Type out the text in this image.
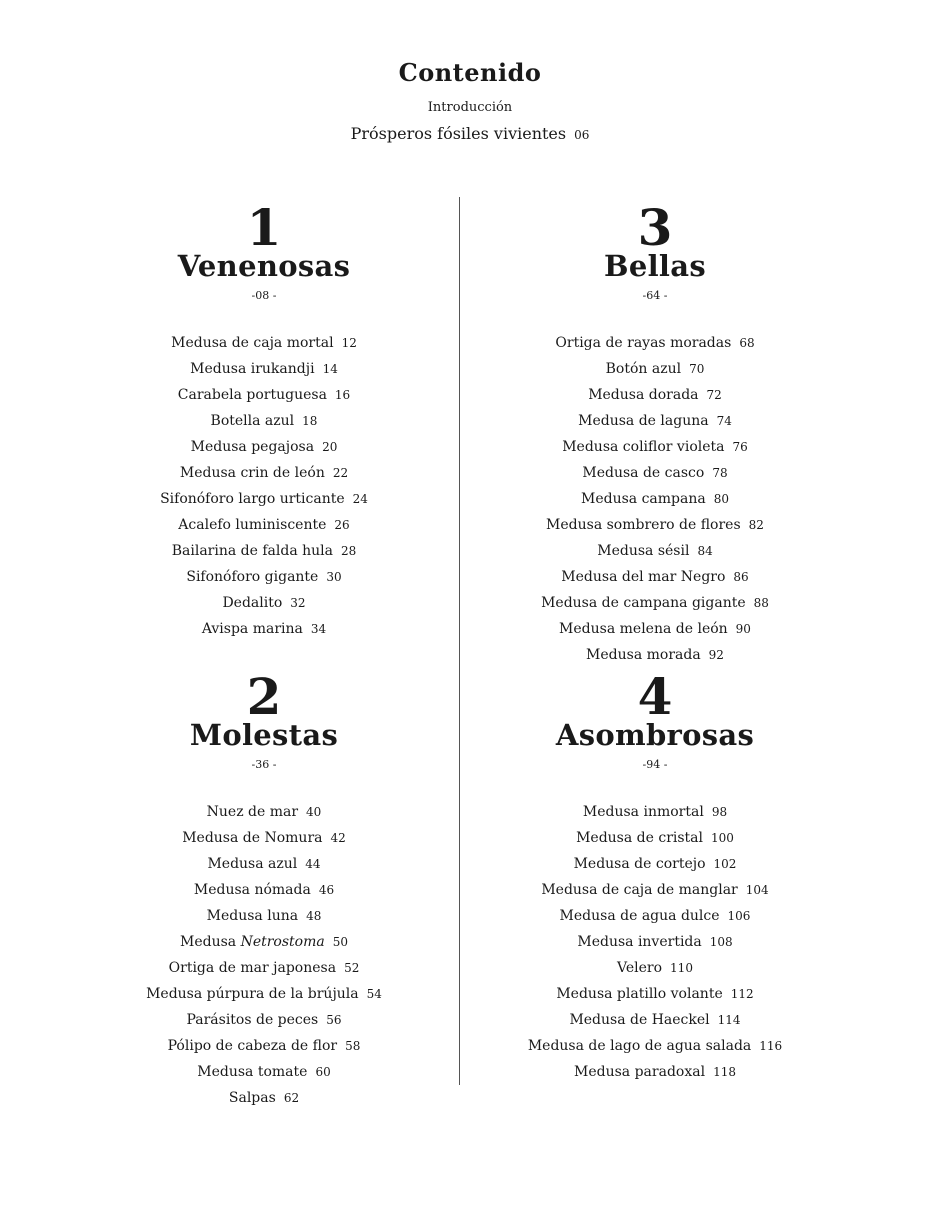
Contenido
Introducción
Prósperos fósiles vivientes 06
1
Venenosas
-08 -
Medusa de caja mortal 12
Medusa irukandji 14
Carabela portuguesa 16
Botella azul 18
Medusa pegajosa 20
Medusa crin de león 22
Sifonóforo largo urticante 24
Acalefo luminiscente 26
Bailarina de falda hula 28
Sifonóforo gigante 30
Dedalito 32
Avispa marina 34
2
Molestas
-36 -
Nuez de mar 40
Medusa de Nomura 42
Medusa azul 44
Medusa nómada 46
Medusa luna 48
Medusa Netrostoma 50
Ortiga de mar japonesa 52
Medusa púrpura de la brújula 54
Parásitos de peces 56
Pólipo de cabeza de flor 58
Medusa tomate 60
Salpas 62
3
Bellas
-64 -
Ortiga de rayas moradas 68
Botón azul 70
Medusa dorada 72
Medusa de laguna 74
Medusa coliflor violeta 76
Medusa de casco 78
Medusa campana 80
Medusa sombrero de flores 82
Medusa sésil 84
Medusa del mar Negro 86
Medusa de campana gigante 88
Medusa melena de león 90
Medusa morada 92
4
Asombrosas
-94 -
Medusa inmortal 98
Medusa de cristal 100
Medusa de cortejo 102
Medusa de caja de manglar 104
Medusa de agua dulce 106
Medusa invertida 108
Velero 110
Medusa platillo volante 112
Medusa de Haeckel 114
Medusa de lago de agua salada 116
Medusa paradoxal 118
